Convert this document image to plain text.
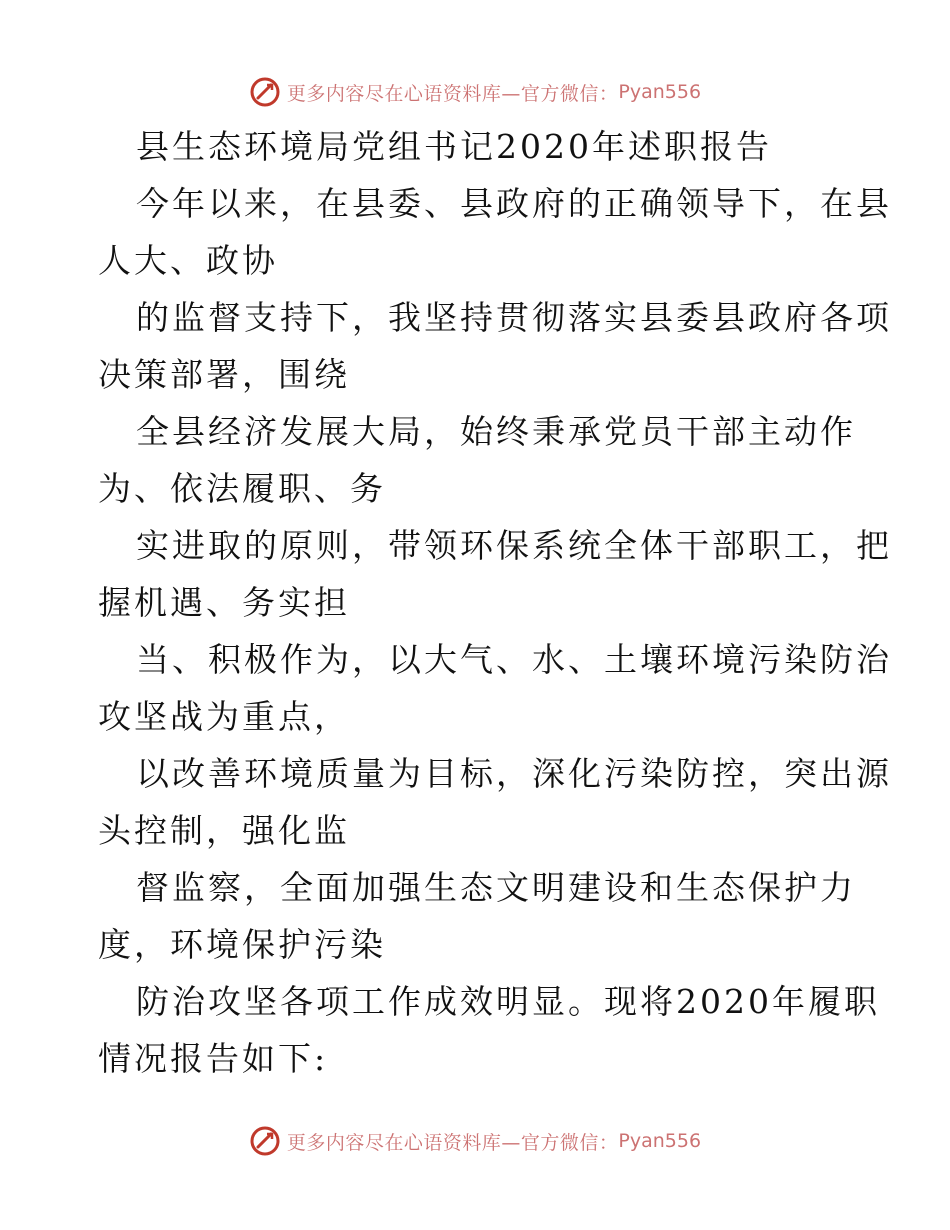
更多内容尽在心语资料库—官方微信： Pyan556
县生态环境局党组书记2020年述职报告
今年以来，在县委、县政府的正确领导下，在县
人大、政协
的监督支持下，我坚持贯彻落实县委县政府各项
决策部署，围绕
全县经济发展大局，始终秉承党员干部主动作
为、依法履职、务
实进取的原则，带领环保系统全体干部职工，把
握机遇、务实担
当、积极作为，以大气、水、土壤环境污染防治
攻坚战为重点，
以改善环境质量为目标，深化污染防控，突出源
头控制，强化监
督监察，全面加强生态文明建设和生态保护力
度，环境保护污染
防治攻坚各项工作成效明显。现将2020年履职
情况报告如下:
更多内容尽在心语资料库—官方微信： Pyan556
